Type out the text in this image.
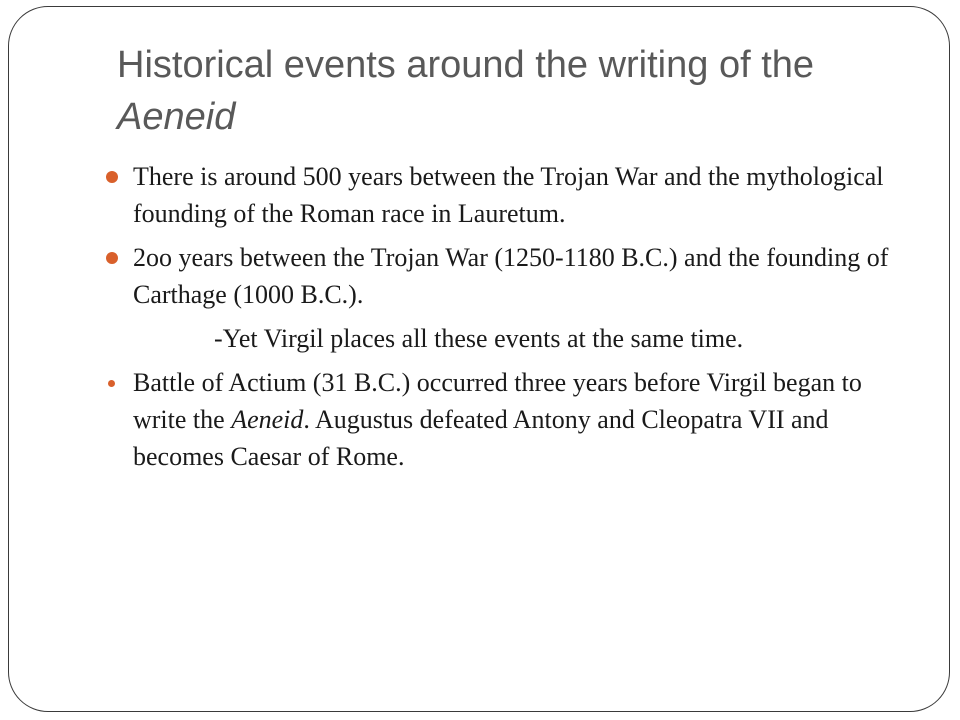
Historical events around the writing of the Aeneid
There is around 500 years between the Trojan War and the mythological founding of the Roman race in Lauretum.
2oo years between the Trojan War (1250-1180 B.C.) and the founding of Carthage (1000 B.C.).
-Yet Virgil places all these events at the same time.
Battle of Actium (31 B.C.) occurred three years before Virgil began to write the Aeneid. Augustus defeated Antony and Cleopatra VII and becomes Caesar of Rome.
